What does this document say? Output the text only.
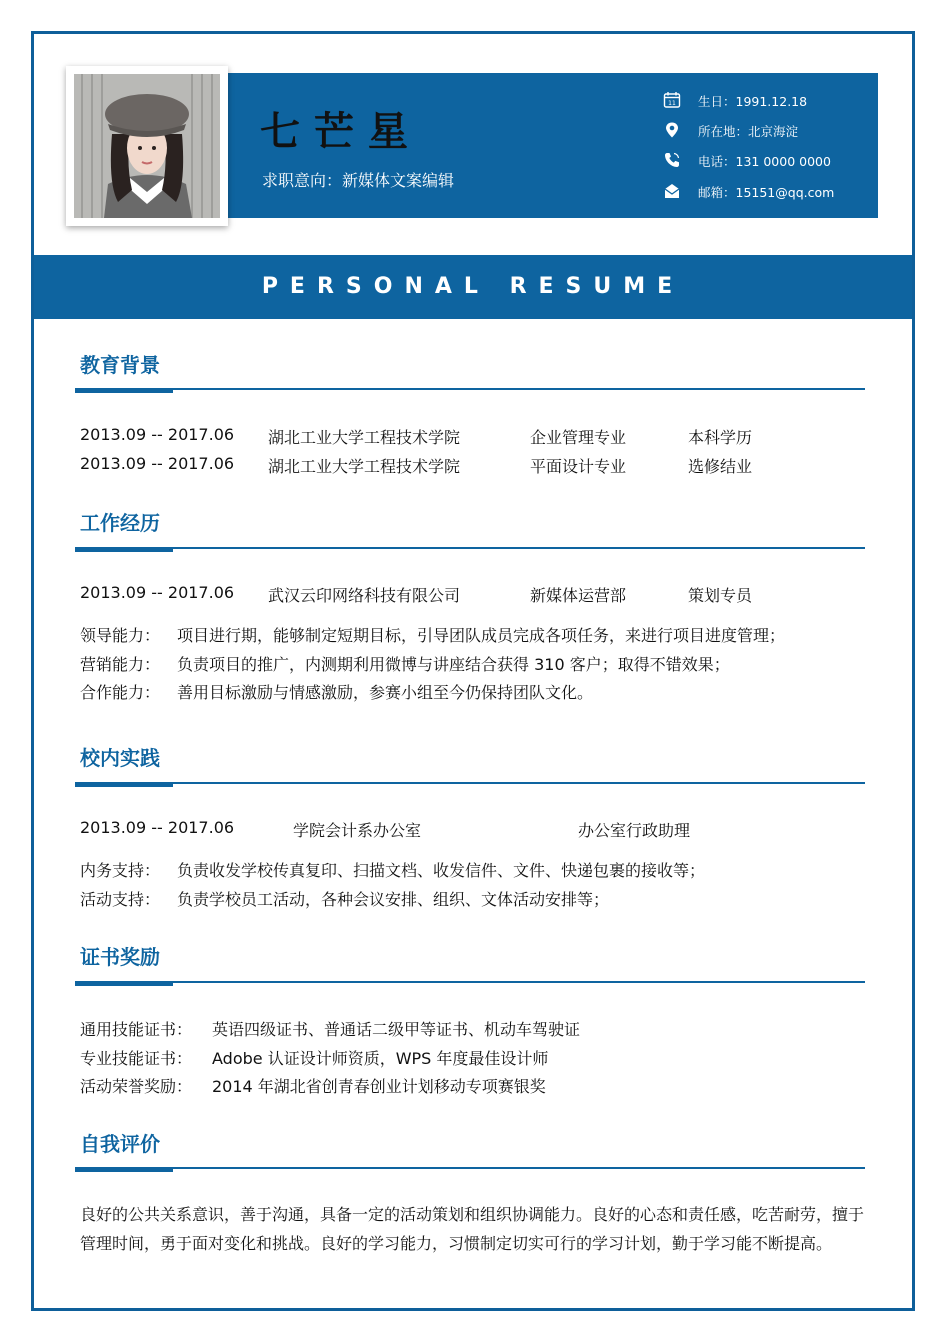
七芒星
求职意向：新媒体文案编辑
11 生日：1991.12.18
所在地：北京海淀
电话：131 0000 0000
邮箱：15151@qq.com
PERSONAL RESUME
教育背景
2013.09 -- 2017.06 湖北工业大学工程技术学院	企业管理专业	本科学历
2013.09 -- 2017.06 湖北工业大学工程技术学院	平面设计专业	选修结业
工作经历
2013.09 -- 2017.06 武汉云印网络科技有限公司	新媒体运营部	策划专员
领导能力： 项目进行期，能够制定短期目标，引导团队成员完成各项任务，来进行项目进度管理；
营销能力： 负责项目的推广，内测期利用微博与讲座结合获得 310 客户；取得不错效果；
合作能力： 善用目标激励与情感激励，参赛小组至今仍保持团队文化。
校内实践
2013.09 -- 2017.06	学院会计系办公室	办公室行政助理
内务支持： 负责收发学校传真复印、扫描文档、收发信件、文件、快递包裹的接收等；
活动支持： 负责学校员工活动，各种会议安排、组织、文体活动安排等；
证书奖励
通用技能证书： 英语四级证书、普通话二级甲等证书、机动车驾驶证
专业技能证书： Adobe 认证设计师资质，WPS 年度最佳设计师
活动荣誉奖励： 2014 年湖北省创青春创业计划移动专项赛银奖
自我评价
良好的公共关系意识，善于沟通，具备一定的活动策划和组织协调能力。良好的心态和责任感，吃苦耐劳，擅于管理时间，勇于面对变化和挑战。良好的学习能力，习惯制定切实可行的学习计划，勤于学习能不断提高。
